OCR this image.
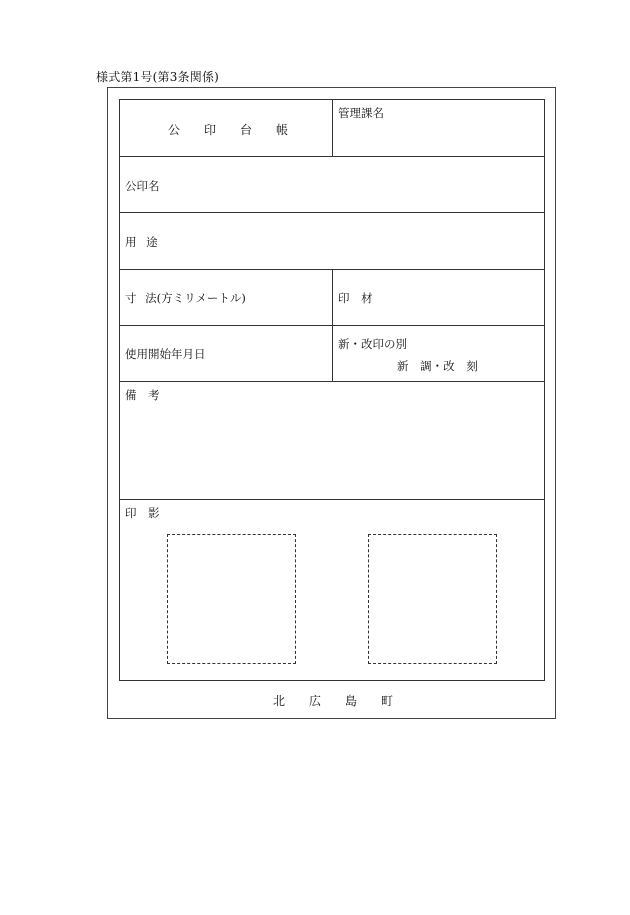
様式第1号(第3条関係)
公 印 台 帳
管理課名
公印名
用 途
寸 法(方ミリメートル)	印 材
使用開始年月日
新・改印の別
新 調・改 刻
備 考
印 影
北 広 島 町
